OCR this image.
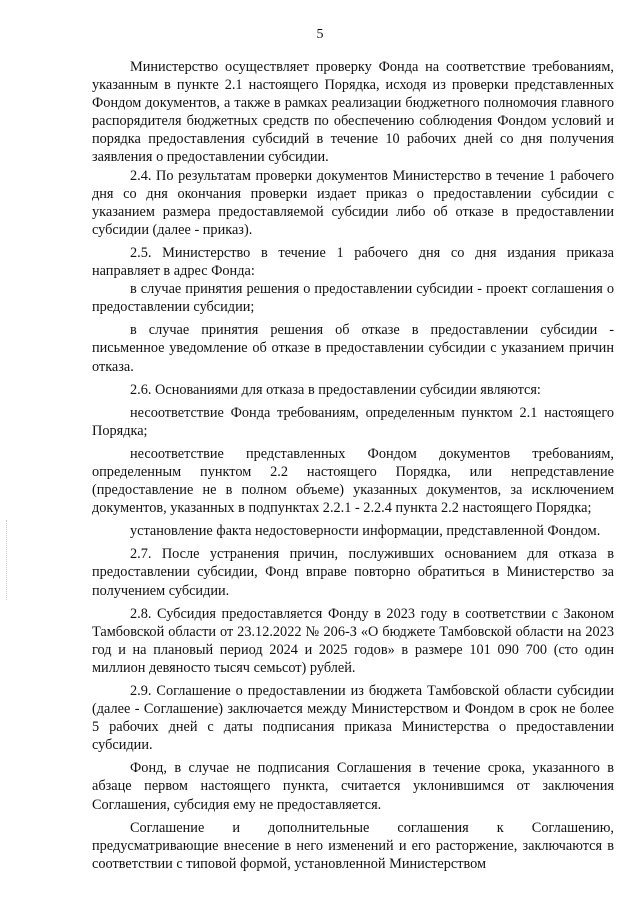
5

Министерство осуществляет проверку Фонда на соответствие требованиям, указанным в пункте 2.1 настоящего Порядка, исходя из проверки представленных Фондом документов, а также в рамках реализации бюджетного полномочия главного распорядителя бюджетных средств по обеспечению соблюдения Фондом условий и порядка предоставления субсидий в течение 10 рабочих дней со дня получения заявления о предоставлении субсидии.

2.4. По результатам проверки документов Министерство в течение 1 рабочего дня со дня окончания проверки издает приказ о предоставлении субсидии с указанием размера предоставляемой субсидии либо об отказе в предоставлении субсидии (далее - приказ).

2.5. Министерство в течение 1 рабочего дня со дня издания приказа направляет в адрес Фонда:

в случае принятия решения о предоставлении субсидии - проект соглашения о предоставлении субсидии;

в случае принятия решения об отказе в предоставлении субсидии - письменное уведомление об отказе в предоставлении субсидии с указанием причин отказа.

2.6. Основаниями для отказа в предоставлении субсидии являются:

несоответствие Фонда требованиям, определенным пунктом 2.1 настоящего Порядка;

несоответствие представленных Фондом документов требованиям, определенным пунктом 2.2 настоящего Порядка, или непредставление (предоставление не в полном объеме) указанных документов, за исключением документов, указанных в подпунктах 2.2.1 - 2.2.4 пункта 2.2 настоящего Порядка;

установление факта недостоверности информации, представленной Фондом.

2.7. После устранения причин, послуживших основанием для отказа в предоставлении субсидии, Фонд вправе повторно обратиться в Министерство за получением субсидии.

2.8. Субсидия предоставляется Фонду в 2023 году в соответствии с Законом Тамбовской области от 23.12.2022 № 206-З «О бюджете Тамбовской области на 2023 год и на плановый период 2024 и 2025 годов» в размере 101 090 700 (сто один миллион девяносто тысяч семьсот) рублей.

2.9. Соглашение о предоставлении из бюджета Тамбовской области субсидии (далее - Соглашение) заключается между Министерством и Фондом в срок не более 5 рабочих дней с даты подписания приказа Министерства о предоставлении субсидии.

Фонд, в случае не подписания Соглашения в течение срока, указанного в абзаце первом настоящего пункта, считается уклонившимся от заключения Соглашения, субсидия ему не предоставляется.

Соглашение и дополнительные соглашения к Соглашению, предусматривающие внесение в него изменений и его расторжение, заключаются в соответствии с типовой формой, установленной Министерством
